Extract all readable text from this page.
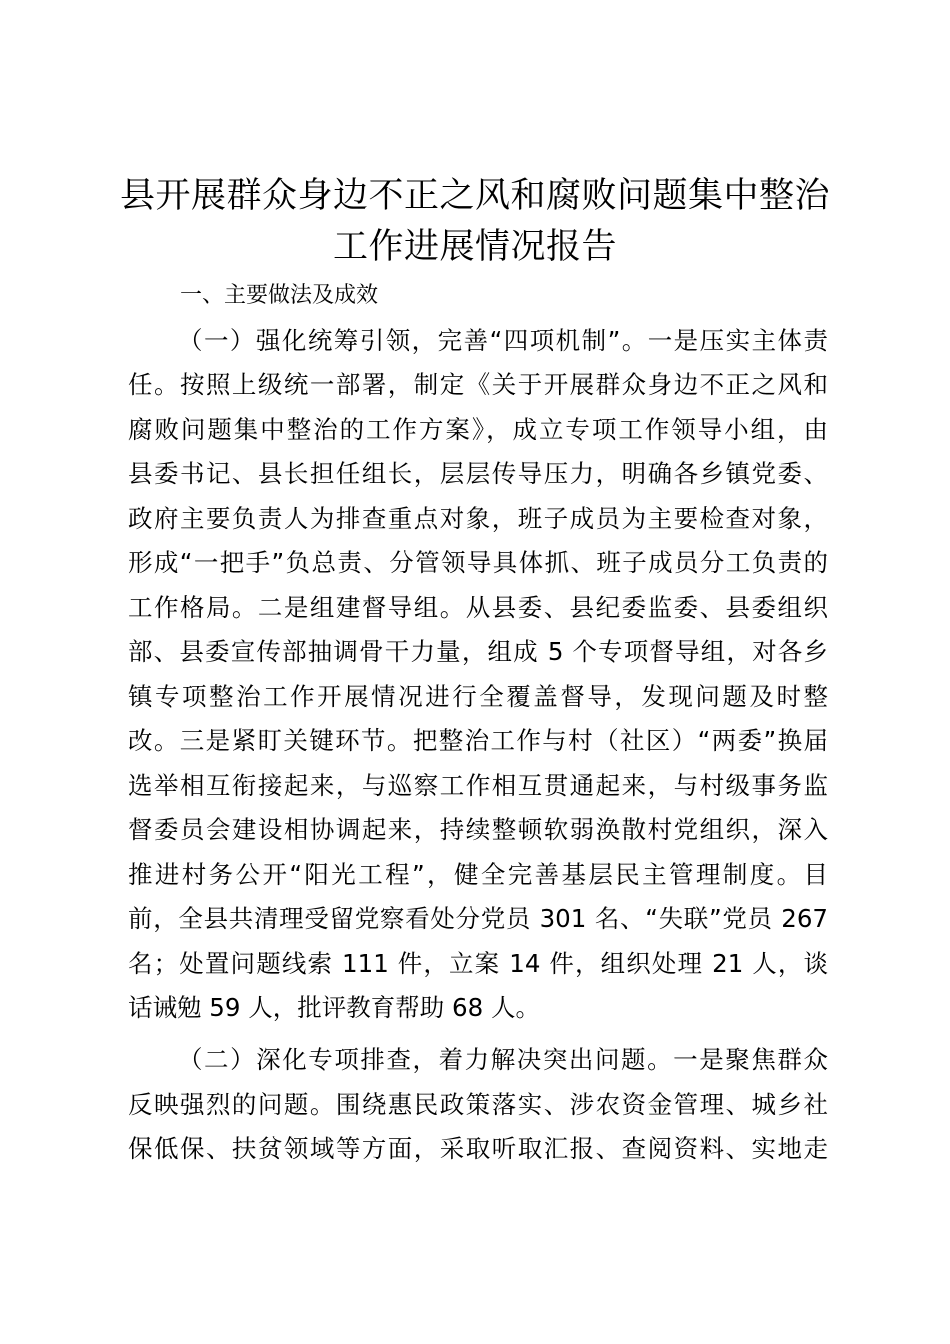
县开展群众身边不正之风和腐败问题集中整治
工作进展情况报告
一、主要做法及成效
（一）强化统筹引领，完善“四项机制”。一是压实主体责
任。按照上级统一部署，制定《关于开展群众身边不正之风和
腐败问题集中整治的工作方案》，成立专项工作领导小组，由
县委书记、县长担任组长，层层传导压力，明确各乡镇党委、
政府主要负责人为排查重点对象，班子成员为主要检查对象，
形成“一把手”负总责、分管领导具体抓、班子成员分工负责的
工作格局。二是组建督导组。从县委、县纪委监委、县委组织
部、县委宣传部抽调骨干力量，组成 5 个专项督导组，对各乡
镇专项整治工作开展情况进行全覆盖督导，发现问题及时整
改。三是紧盯关键环节。把整治工作与村（社区）“两委”换届
选举相互衔接起来，与巡察工作相互贯通起来，与村级事务监
督委员会建设相协调起来，持续整顿软弱涣散村党组织，深入
推进村务公开“阳光工程”，健全完善基层民主管理制度。目
前，全县共清理受留党察看处分党员 301 名、“失联”党员 267
名；处置问题线索 111 件，立案 14 件，组织处理 21 人，谈
话诫勉 59 人，批评教育帮助 68 人。
（二）深化专项排查，着力解决突出问题。一是聚焦群众
反映强烈的问题。围绕惠民政策落实、涉农资金管理、城乡社
保低保、扶贫领域等方面，采取听取汇报、查阅资料、实地走
